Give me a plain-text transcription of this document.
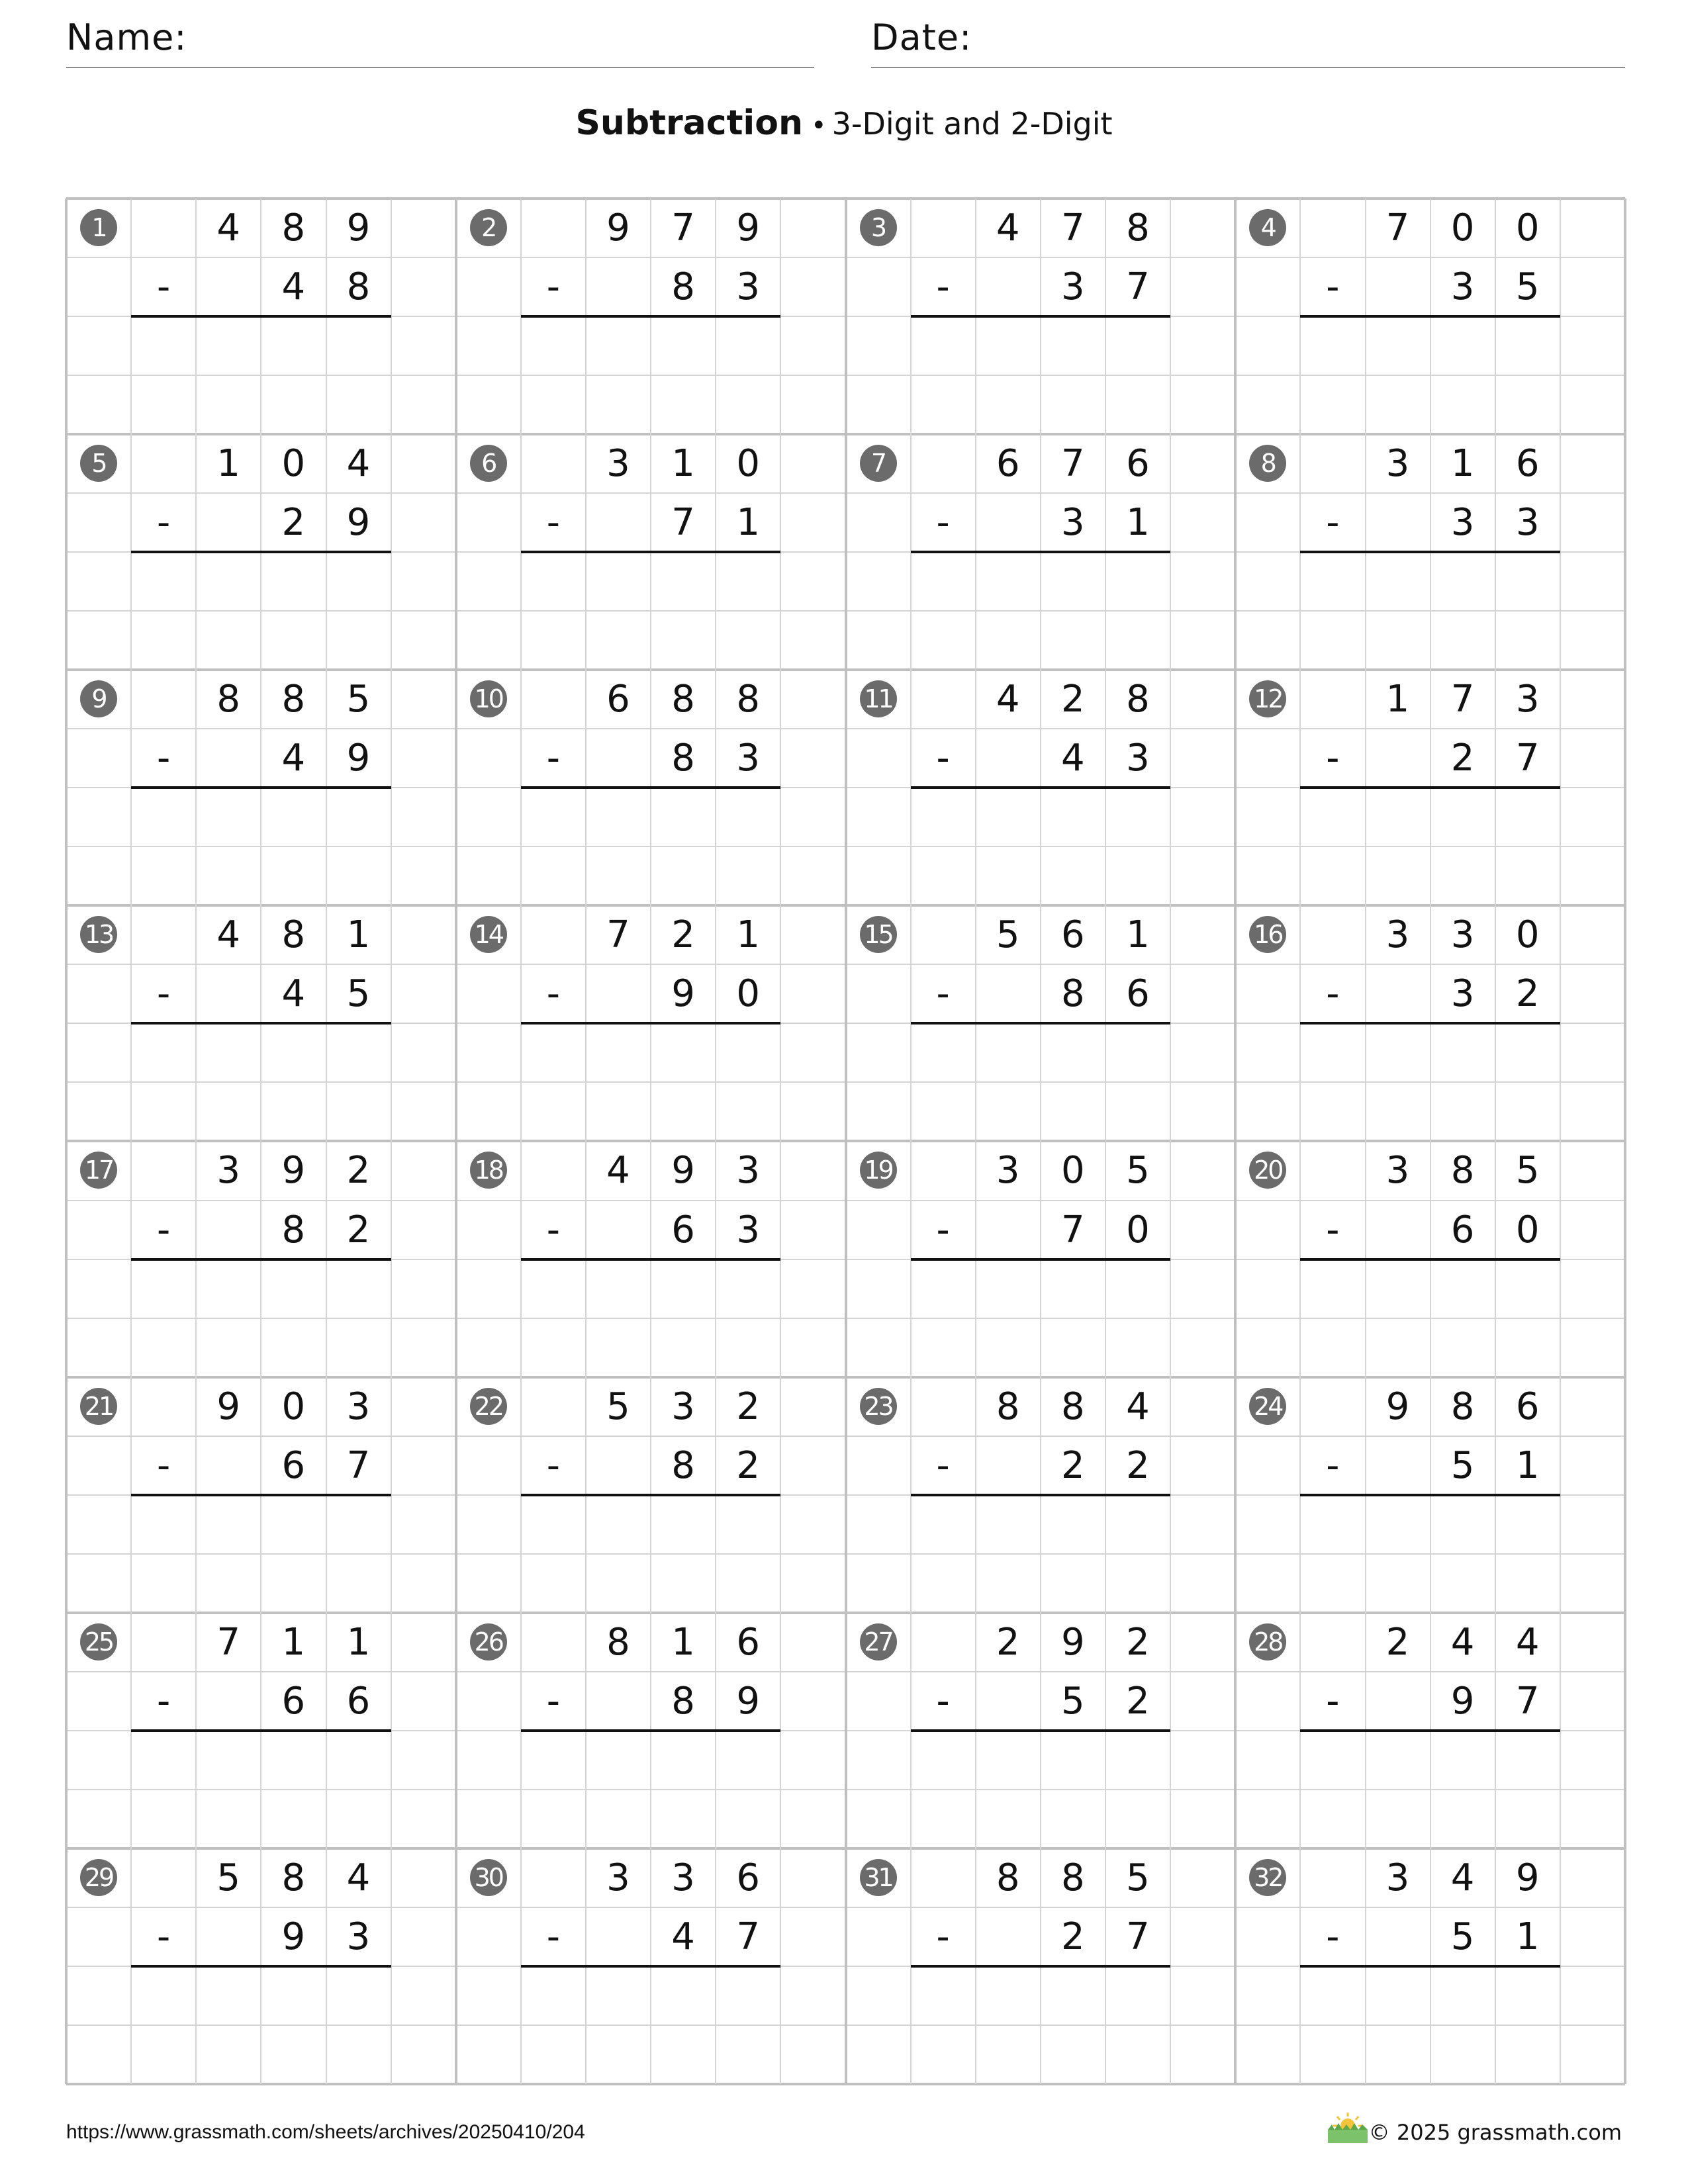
Name:	Date:
Subtraction • 3-Digit and 2-Digit
1	4	8	9
-	4	8
2	9	7	9
-	8	3
3	4	7	8
-	3	7
4	7	0	0
-	3	5
5	1	0	4
-	2	9
6	3	1	0
-	7	1
7	6	7	6
-	3	1
8	3	1	6
-	3	3
9	8	8	5
-	4	9
10	6	8	8
-	8	3
11	4	2	8
-	4	3
12	1	7	3
-	2	7
13	4	8	1
-	4	5
14	7	2	1
-	9	0
15	5	6	1
-	8	6
16	3	3	0
-	3	2
17	3	9	2
-	8	2
18	4	9	3
-	6	3
19	3	0	5
-	7	0
20	3	8	5
-	6	0
21	9	0	3
-	6	7
22	5	3	2
-	8	2
23	8	8	4
-	2	2
24	9	8	6
-	5	1
25	7	1	1
-	6	6
26	8	1	6
-	8	9
27	2	9	2
-	5	2
28	2	4	4
-	9	7
29	5	8	4
-	9	3
30	3	3	6
-	4	7
31	8	8	5
-	2	7
32	3	4	9
-	5	1
https://www.grassmath.com/sheets/archives/20250410/204	© 2025 grassmath.com
